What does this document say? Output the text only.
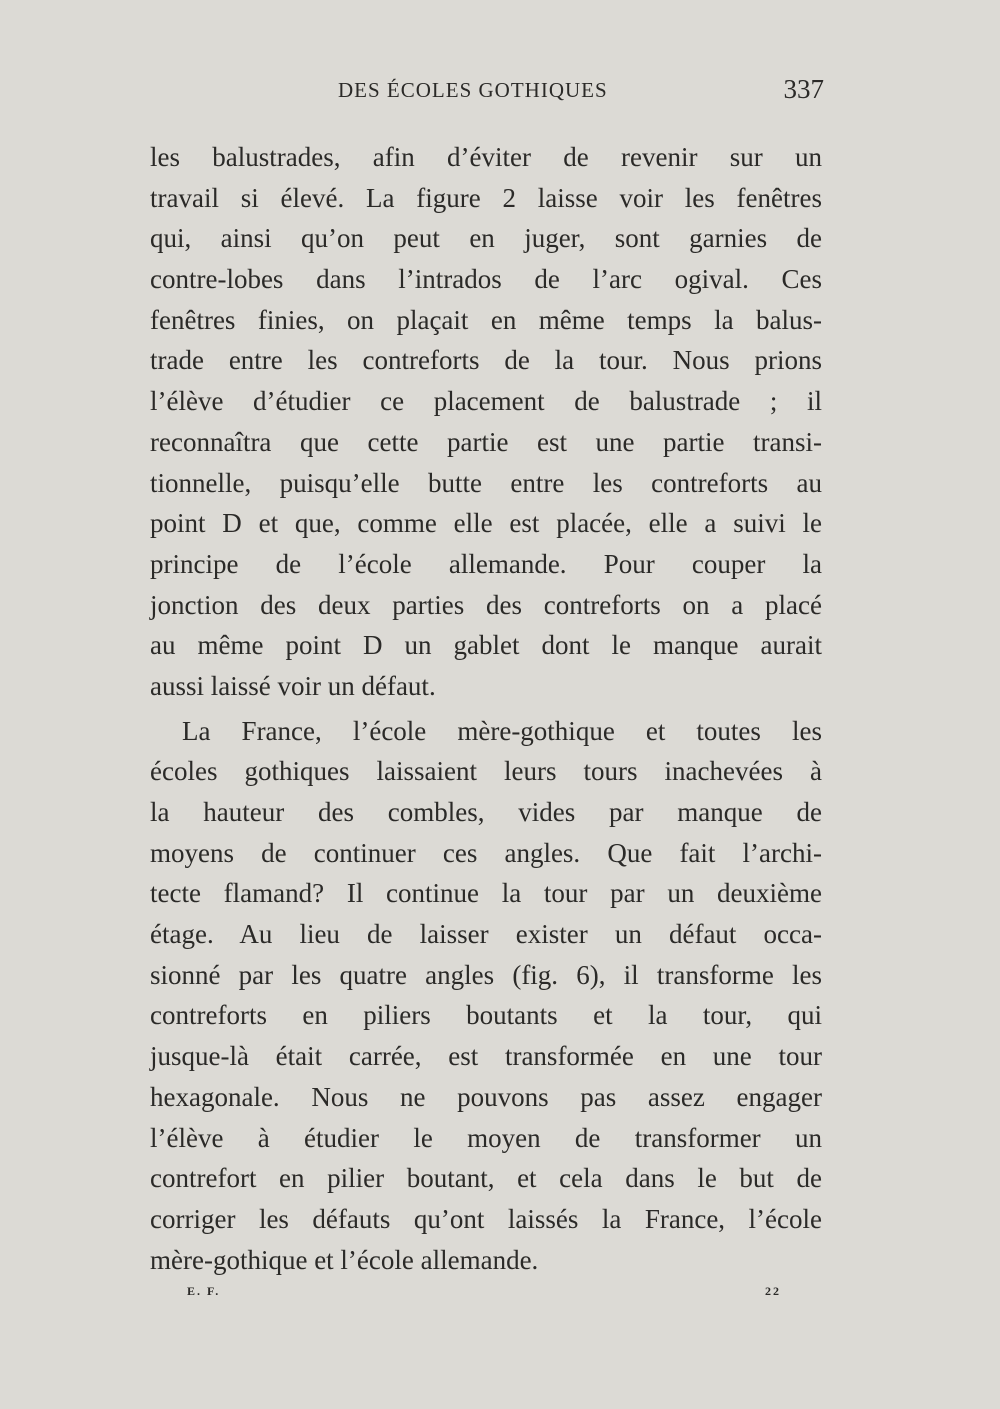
DES ÉCOLES GOTHIQUES	337
les balustrades, afin d’éviter de revenir sur un
travail si élevé. La figure 2 laisse voir les fenêtres
qui, ainsi qu’on peut en juger, sont garnies de
contre-lobes dans l’intrados de l’arc ogival. Ces
fenêtres finies, on plaçait en même temps la balus-
trade entre les contreforts de la tour. Nous prions
l’élève d’étudier ce placement de balustrade ; il
reconnaîtra que cette partie est une partie transi-
tionnelle, puisqu’elle butte entre les contreforts au
point D et que, comme elle est placée, elle a suivi le
principe de l’école allemande. Pour couper la
jonction des deux parties des contreforts on a placé
au même point D un gablet dont le manque aurait
aussi laissé voir un défaut.
La France, l’école mère-gothique et toutes les
écoles gothiques laissaient leurs tours inachevées à
la hauteur des combles, vides par manque de
moyens de continuer ces angles. Que fait l’archi-
tecte flamand? Il continue la tour par un deuxième
étage. Au lieu de laisser exister un défaut occa-
sionné par les quatre angles (fig. 6), il transforme les
contreforts en piliers boutants et la tour, qui
jusque-là était carrée, est transformée en une tour
hexagonale. Nous ne pouvons pas assez engager
l’élève à étudier le moyen de transformer un
contrefort en pilier boutant, et cela dans le but de
corriger les défauts qu’ont laissés la France, l’école
mère-gothique et l’école allemande.
E. F.	22
